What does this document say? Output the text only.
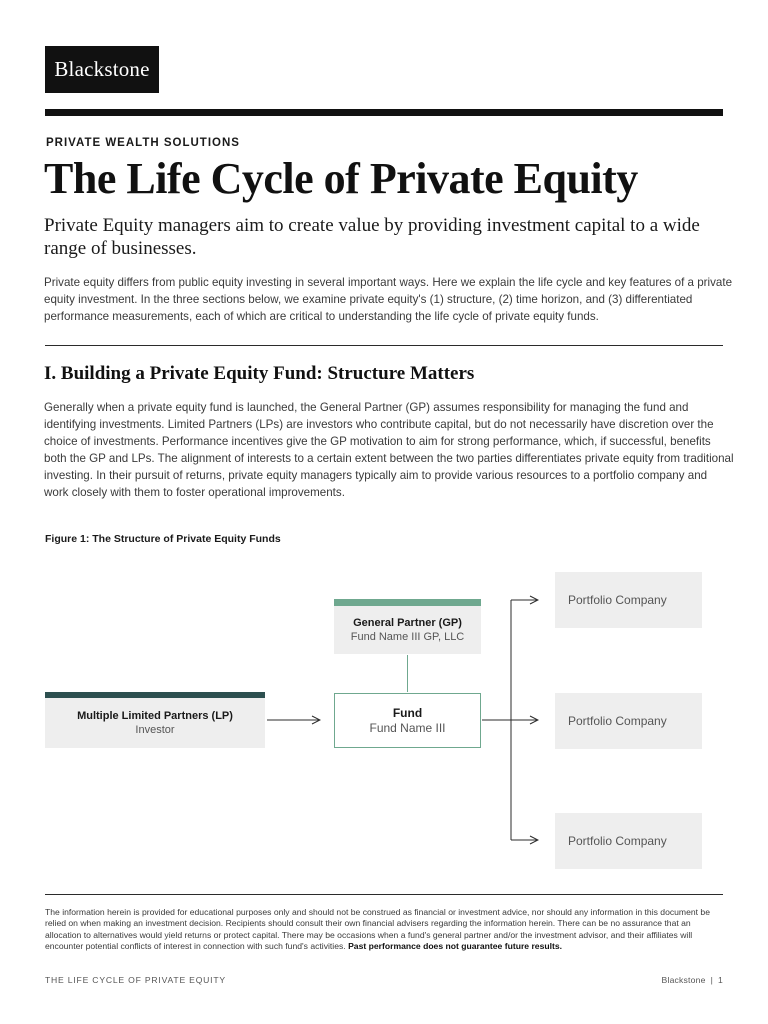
Blackstone
PRIVATE WEALTH SOLUTIONS
The Life Cycle of Private Equity

Private Equity managers aim to create value by providing investment capital to a wide range of businesses.

Private equity differs from public equity investing in several important ways. Here we explain the life cycle and key features of a private equity investment. In the three sections below, we examine private equity's (1) structure, (2) time horizon, and (3) differentiated performance measurements, each of which are critical to understanding the life cycle of private equity funds.

I. Building a Private Equity Fund: Structure Matters

Generally when a private equity fund is launched, the General Partner (GP) assumes responsibility for managing the fund and identifying investments. Limited Partners (LPs) are investors who contribute capital, but do not necessarily have discretion over the choice of investments. Performance incentives give the GP motivation to aim for strong performance, which, if successful, benefits both the GP and LPs. The alignment of interests to a certain extent between the two parties differentiates private equity from traditional investing. In their pursuit of returns, private equity managers typically aim to provide various resources to a portfolio company and work closely with them to foster operational improvements.

Figure 1: The Structure of Private Equity Funds
Multiple Limited Partners (LP)
Investor
General Partner (GP)
Fund Name III GP, LLC
Fund
Fund Name III
Portfolio Company
Portfolio Company
Portfolio Company

The information herein is provided for educational purposes only and should not be construed as financial or investment advice, nor should any information in this document be relied on when making an investment decision. Recipients should consult their own financial advisers regarding the information herein. There can be no assurance that an allocation to alternatives would yield returns or protect capital. There may be occasions when a fund's general partner and/or the investment advisor, and their affiliates will encounter potential conflicts of interest in connection with such fund's activities. Past performance does not guarantee future results.

THE LIFE CYCLE OF PRIVATE EQUITY	Blackstone | 1
